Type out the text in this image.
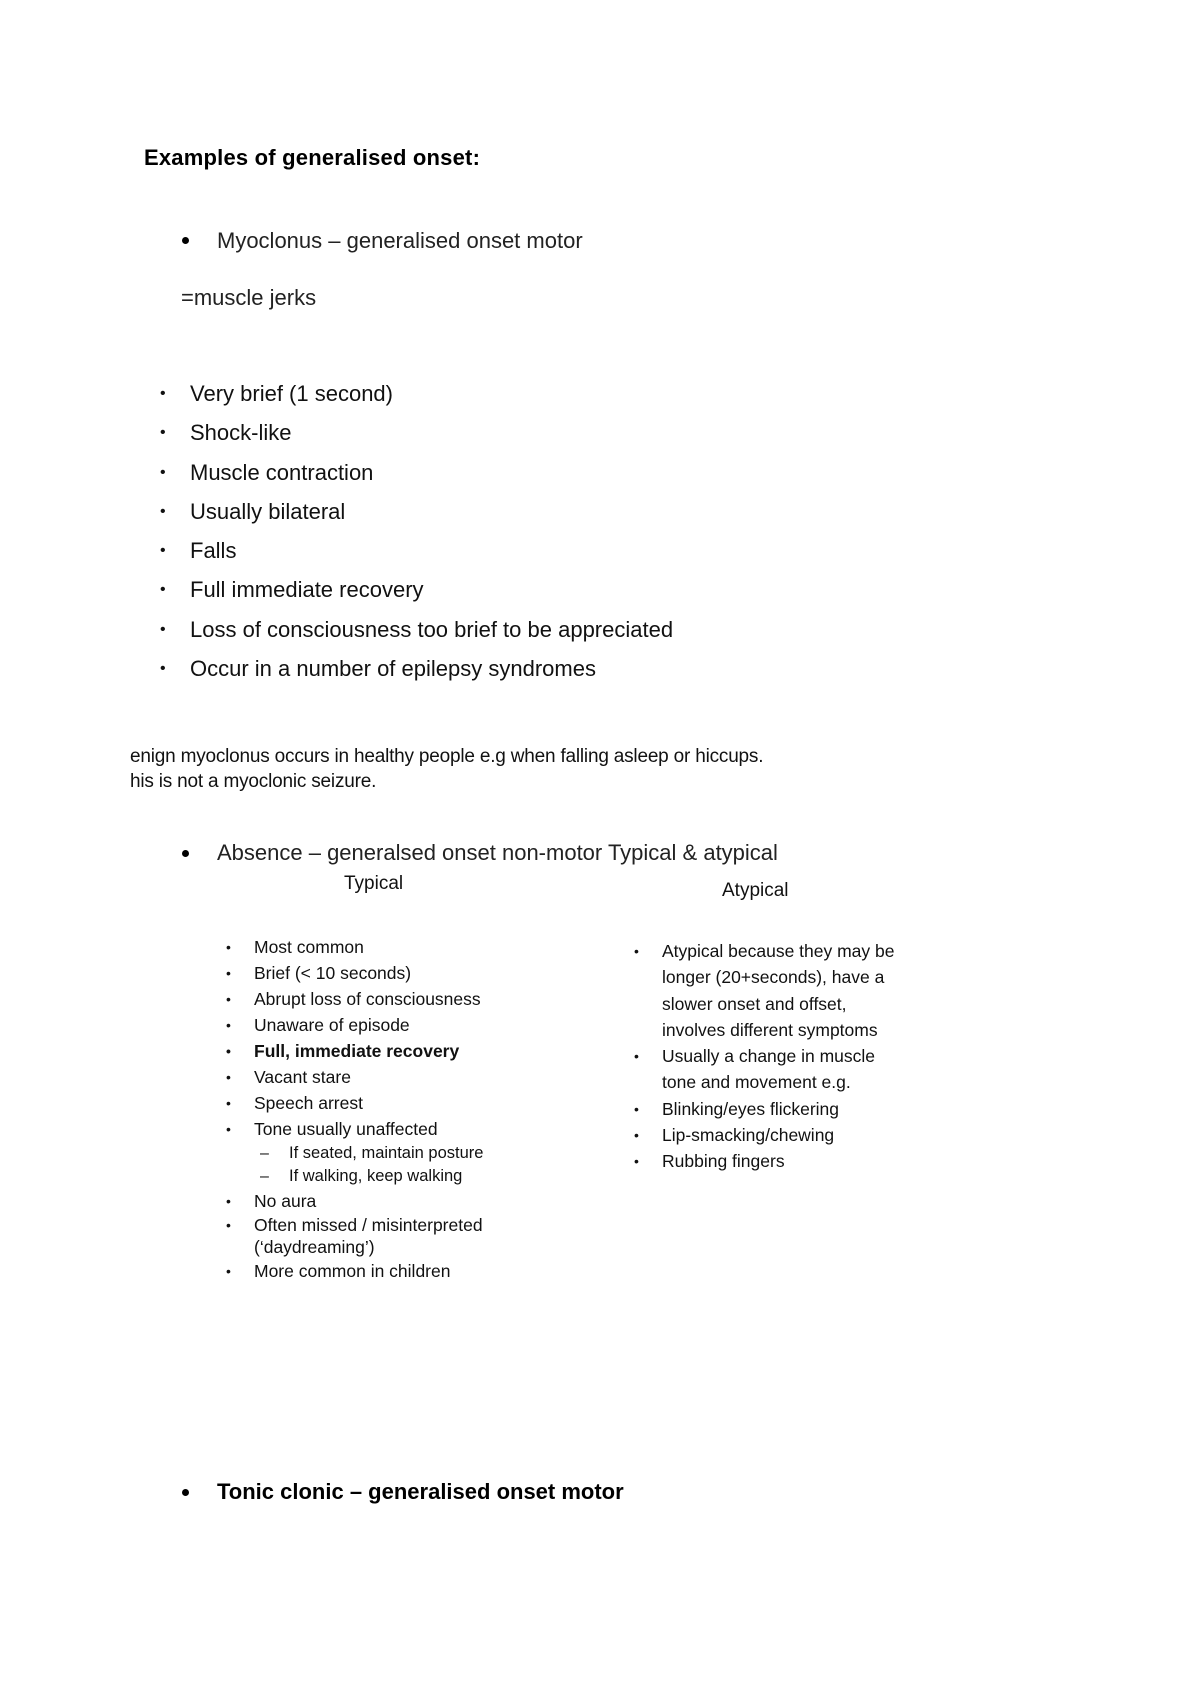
Examples of generalised onset:
Myoclonus – generalised onset motor
=muscle jerks
• Very brief (1 second)
• Shock-like
• Muscle contraction
• Usually bilateral
• Falls
• Full immediate recovery
• Loss of consciousness too brief to be appreciated
• Occur in a number of epilepsy syndromes
enign myoclonus occurs in healthy people e.g when falling asleep or hiccups.
his is not a myoclonic seizure.
Absence – generalsed onset non-motor Typical & atypical
Typical	Atypical
• Most common
• Brief (< 10 seconds)
• Abrupt loss of consciousness
• Unaware of episode
• Full, immediate recovery
• Vacant stare
• Speech arrest
• Tone usually unaffected
– If seated, maintain posture
– If walking, keep walking
• No aura
• Often missed / misinterpreted
(‘daydreaming’)
• More common in children
• Atypical because they may be
longer (20+seconds), have a
slower onset and offset,
involves different symptoms
• Usually a change in muscle
tone and movement e.g.
• Blinking/eyes flickering
• Lip-smacking/chewing
• Rubbing fingers
Tonic clonic – generalised onset motor
